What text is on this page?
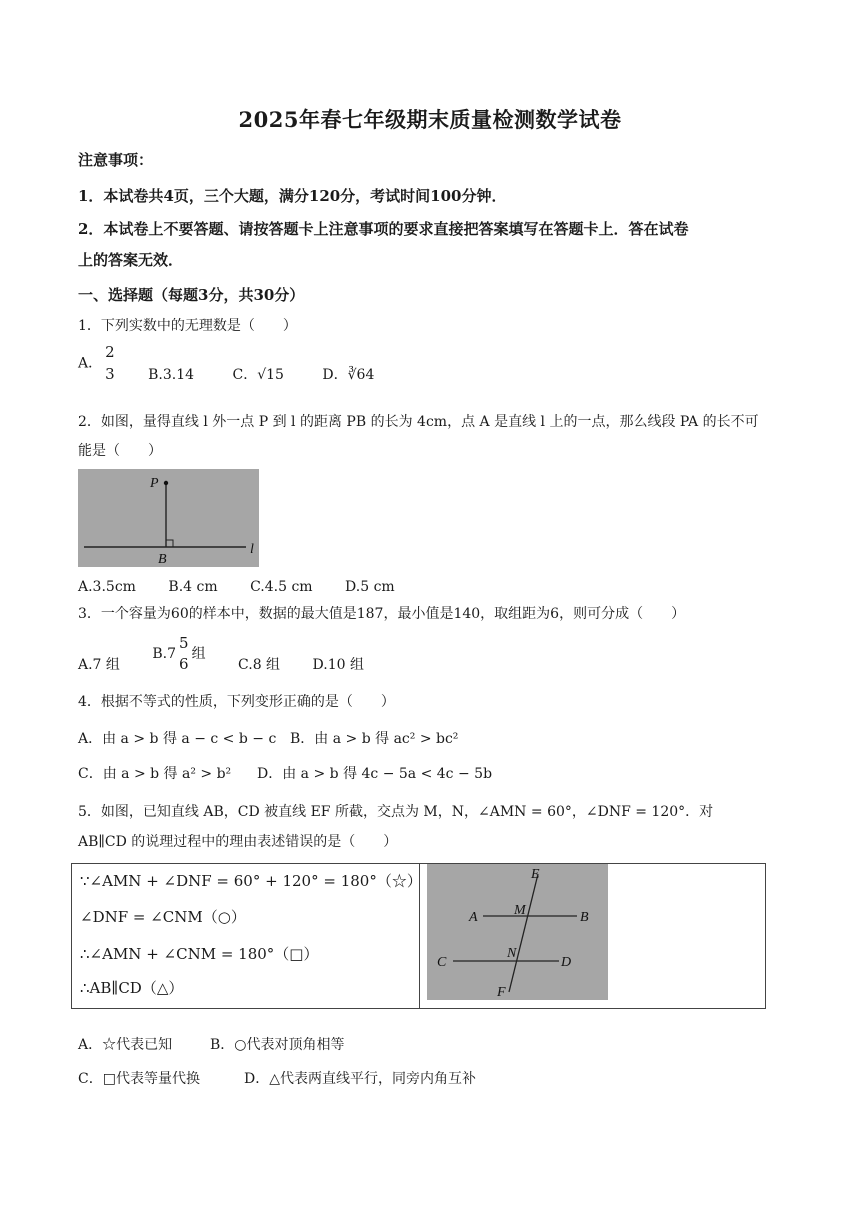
2025年春七年级期末质量检测数学试卷
注意事项：
1．本试卷共4页，三个大题，满分120分，考试时间100分钟．
2．本试卷上不要答题、请按答题卡上注意事项的要求直接把答案填写在答题卡上．答在试卷
上的答案无效．
一、选择题（每题3分，共30分）
1．下列实数中的无理数是（　　）
A．
2
3 B.3.14	C．√15	D．∛64
2．如图，量得直线 l 外一点 P 到 l 的距离 PB 的长为 4cm，点 A 是直线 l 上的一点，那么线段 PA 的长不可
能是（　　）
P
B
l
A.3.5cm B.4 cm C.4.5 cm D.5 cm
3．一个容量为60的样本中，数据的最大值是187，最小值是140，取组距为6，则可分成（　　）
A.7 组 B.7
5
6
组 C.8 组 D.10 组
4．根据不等式的性质，下列变形正确的是（　　）
A．由 a > b 得 a − c < b − c B．由 a > b 得 ac² > bc²
C．由 a > b 得 a² > b² D．由 a > b 得 4c − 5a < 4c − 5b
5．如图，已知直线 AB，CD 被直线 EF 所截，交点为 M，N，∠AMN = 60°，∠DNF = 120°．对
AB∥CD 的说理过程中的理由表述错误的是（　　）
∵∠AMN + ∠DNF = 60° + 120° = 180°（☆）
∠DNF = ∠CNM（○）
∴∠AMN + ∠CNM = 180°（□）
∴AB∥CD（△）

E
A	M	B
C
N
D
F
A．☆代表已知	B．○代表对顶角相等
C．□代表等量代换	D．△代表两直线平行，同旁内角互补
